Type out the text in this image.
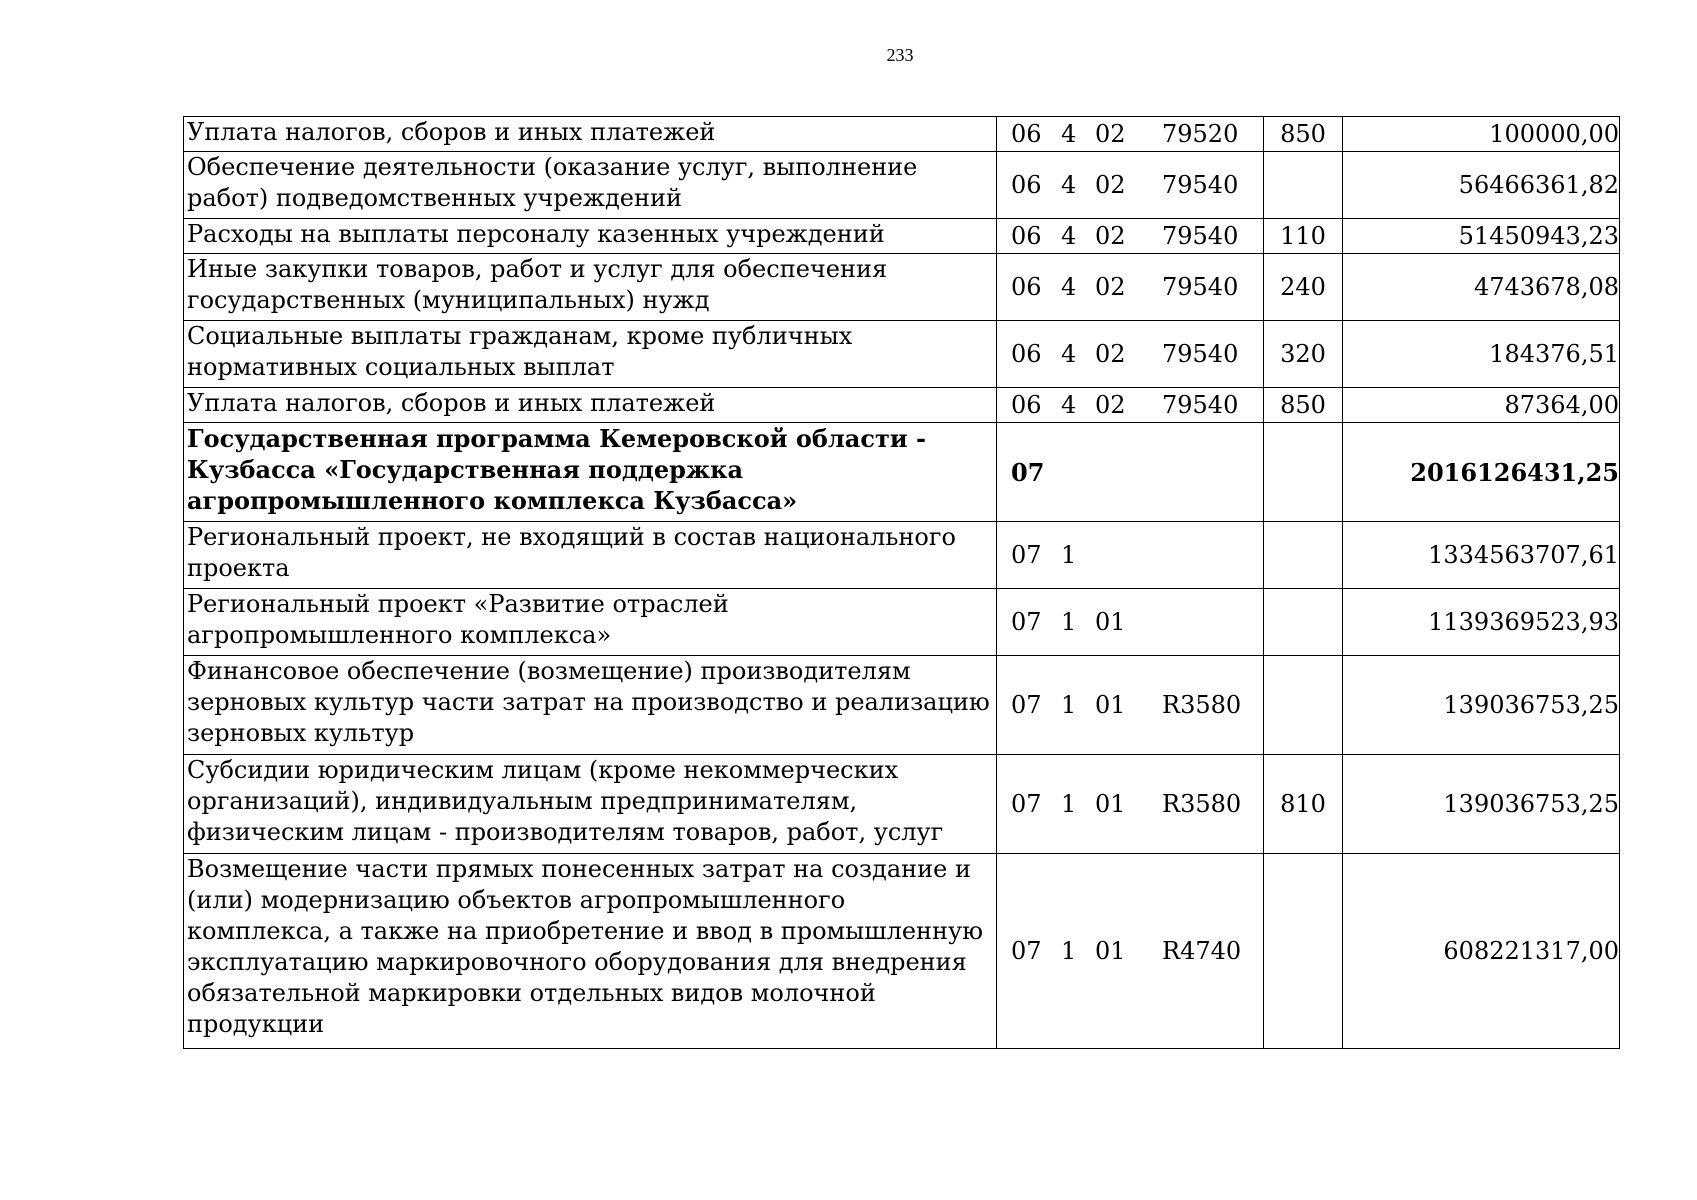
233
Уплата налогов, сборов и иных платежей	06 4 02 79520	850	100000,00
Обеспечение деятельности (оказание услуг, выполнение работ) подведомственных учреждений	06 4 02 79540		56466361,82
Расходы на выплаты персоналу казенных учреждений	06 4 02 79540	110	51450943,23
Иные закупки товаров, работ и услуг для обеспечения государственных (муниципальных) нужд	06 4 02 79540	240	4743678,08
Социальные выплаты гражданам, кроме публичных нормативных социальных выплат	06 4 02 79540	320	184376,51
Уплата налогов, сборов и иных платежей	06 4 02 79540	850	87364,00
Государственная программа Кемеровской области - Кузбасса «Государственная поддержка агропромышленного комплекса Кузбасса»	07		2016126431,25
Региональный проект, не входящий в состав национального проекта	07 1		1334563707,61
Региональный проект «Развитие отраслей агропромышленного комплекса»	07 1 01		1139369523,93
Финансовое обеспечение (возмещение) производителям зерновых культур части затрат на производство и реализацию зерновых культур	07 1 01 R3580		139036753,25
Субсидии юридическим лицам (кроме некоммерческих организаций), индивидуальным предпринимателям, физическим лицам - производителям товаров, работ, услуг	07 1 01 R3580	810	139036753,25
Возмещение части прямых понесенных затрат на создание и (или) модернизацию объектов агропромышленного комплекса, а также на приобретение и ввод в промышленную эксплуатацию маркировочного оборудования для внедрения обязательной маркировки отдельных видов молочной продукции	07 1 01 R4740		608221317,00
